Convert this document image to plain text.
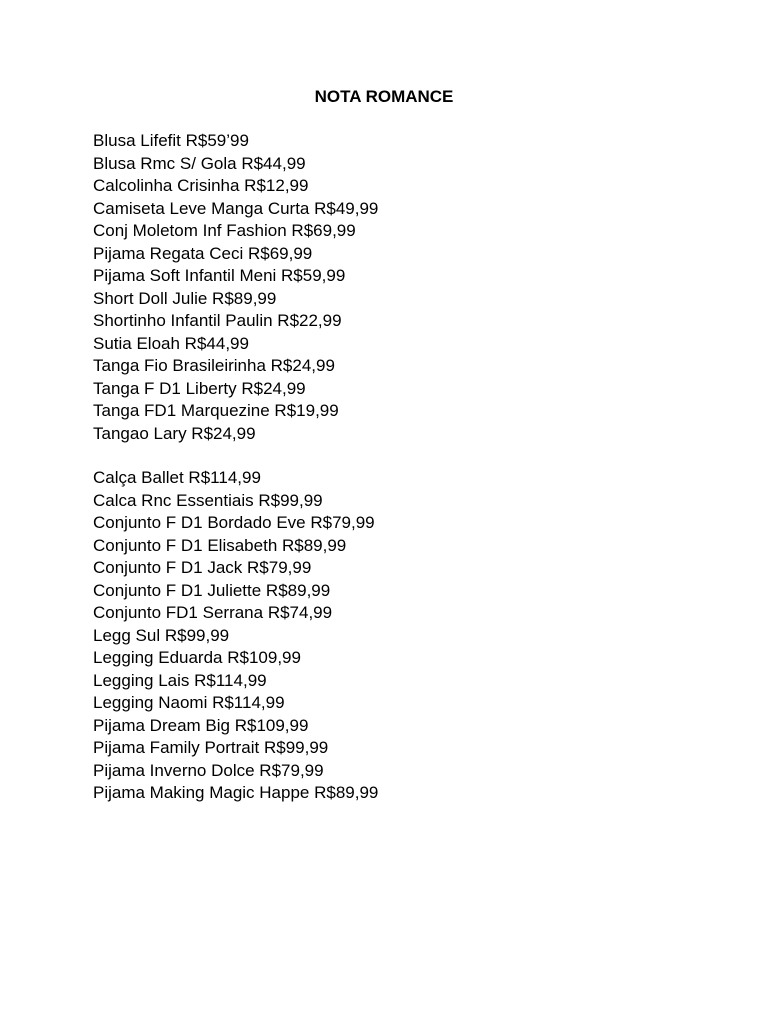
NOTA ROMANCE
Blusa Lifefit R$59’99
Blusa Rmc S/ Gola R$44,99
Calcolinha Crisinha R$12,99
Camiseta Leve Manga Curta R$49,99
Conj Moletom Inf Fashion R$69,99
Pijama Regata Ceci R$69,99
Pijama Soft Infantil Meni R$59,99
Short Doll Julie R$89,99
Shortinho Infantil Paulin R$22,99
Sutia Eloah R$44,99
Tanga Fio Brasileirinha R$24,99
Tanga F D1 Liberty R$24,99
Tanga FD1 Marquezine R$19,99
Tangao Lary R$24,99
Calça Ballet R$114,99
Calca Rnc Essentiais R$99,99
Conjunto F D1 Bordado Eve R$79,99
Conjunto F D1 Elisabeth R$89,99
Conjunto F D1 Jack R$79,99
Conjunto F D1 Juliette R$89,99
Conjunto FD1 Serrana R$74,99
Legg Sul R$99,99
Legging Eduarda R$109,99
Legging Lais R$114,99
Legging Naomi R$114,99
Pijama Dream Big R$109,99
Pijama Family Portrait R$99,99
Pijama Inverno Dolce R$79,99
Pijama Making Magic Happe R$89,99
